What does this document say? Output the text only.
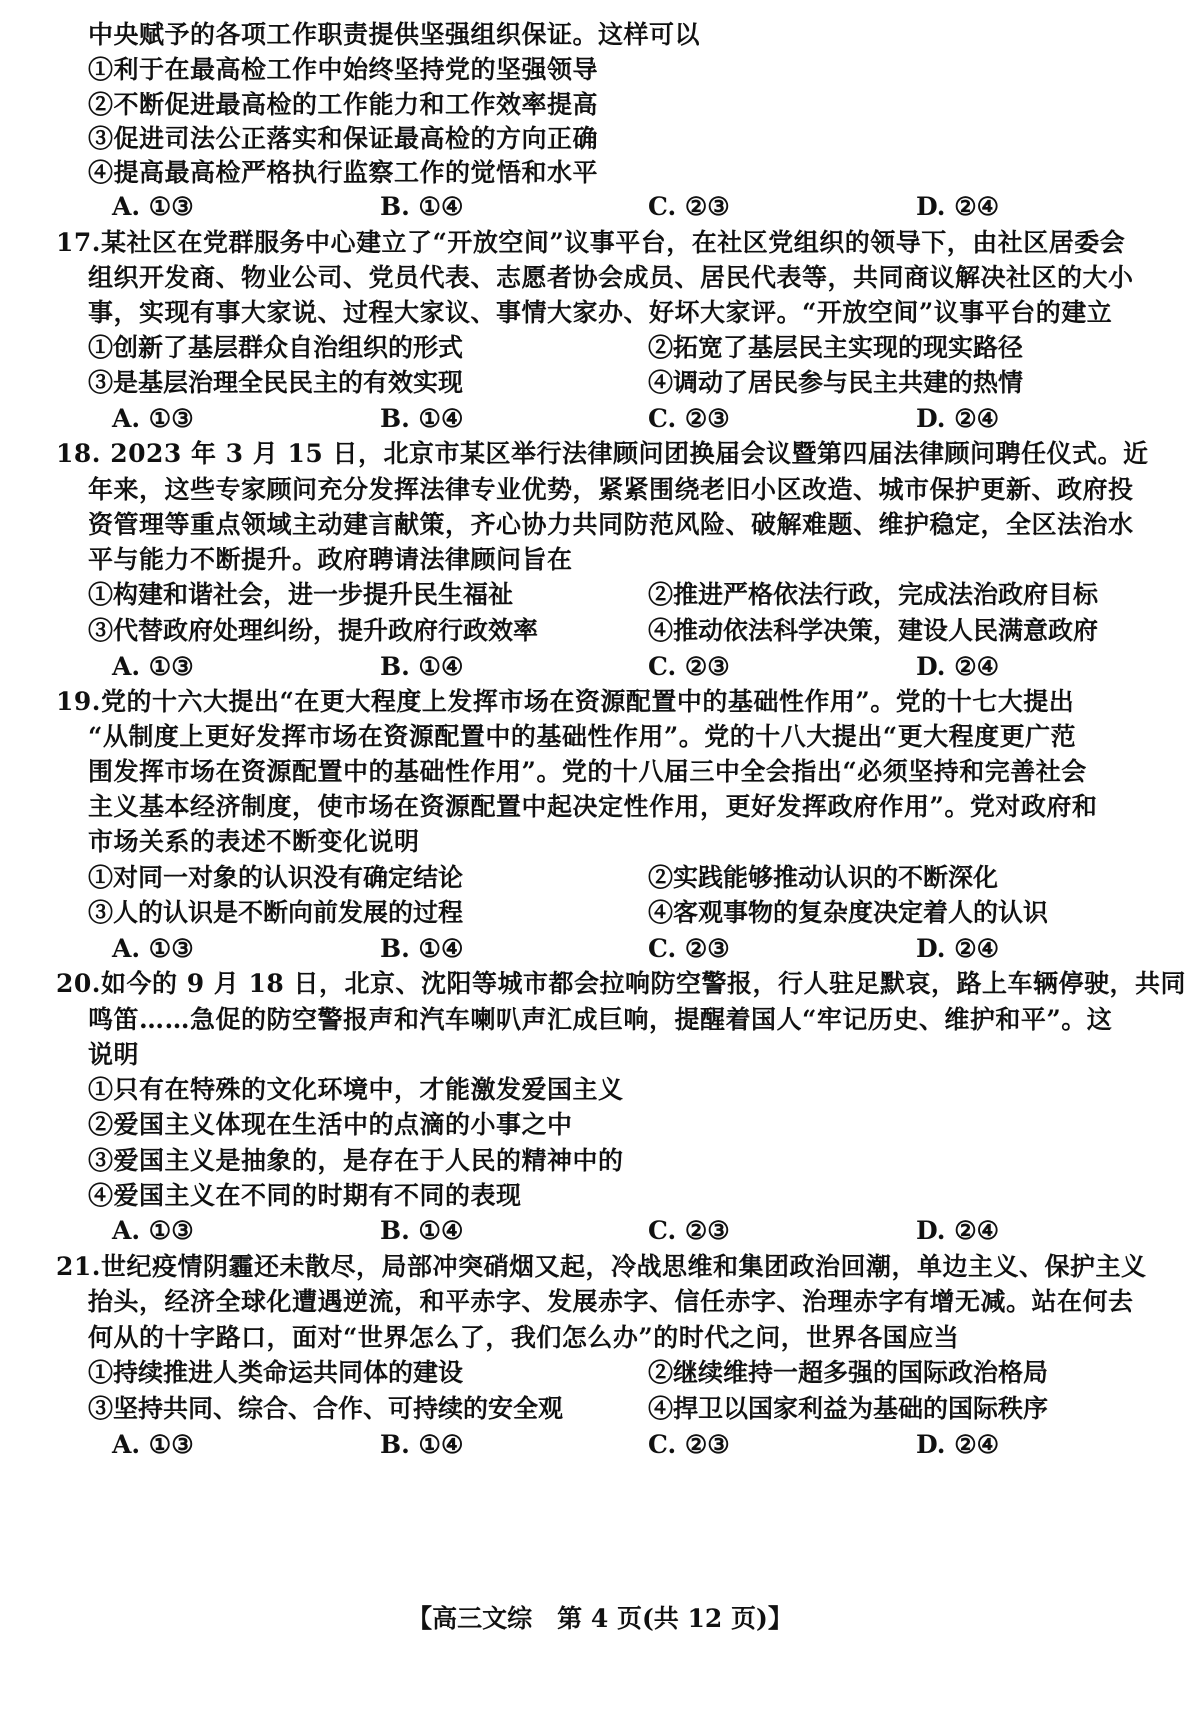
中央赋予的各项工作职责提供坚强组织保证。这样可以
①利于在最高检工作中始终坚持党的坚强领导
②不断促进最高检的工作能力和工作效率提高
③促进司法公正落实和保证最高检的方向正确
④提高最高检严格执行监察工作的觉悟和水平
A. ①③	B. ①④	C. ②③	D. ②④
17.某社区在党群服务中心建立了“开放空间”议事平台，在社区党组织的领导下，由社区居委会
组织开发商、物业公司、党员代表、志愿者协会成员、居民代表等，共同商议解决社区的大小
事，实现有事大家说、过程大家议、事情大家办、好坏大家评。“开放空间”议事平台的建立
①创新了基层群众自治组织的形式	②拓宽了基层民主实现的现实路径
③是基层治理全民民主的有效实现	④调动了居民参与民主共建的热情
A. ①③	B. ①④	C. ②③	D. ②④
18. 2023 年 3 月 15 日，北京市某区举行法律顾问团换届会议暨第四届法律顾问聘任仪式。近
年来，这些专家顾问充分发挥法律专业优势，紧紧围绕老旧小区改造、城市保护更新、政府投
资管理等重点领域主动建言献策，齐心协力共同防范风险、破解难题、维护稳定，全区法治水
平与能力不断提升。政府聘请法律顾问旨在
①构建和谐社会，进一步提升民生福祉	②推进严格依法行政，完成法治政府目标
③代替政府处理纠纷，提升政府行政效率	④推动依法科学决策，建设人民满意政府
A. ①③	B. ①④	C. ②③	D. ②④
19.党的十六大提出“在更大程度上发挥市场在资源配置中的基础性作用”。党的十七大提出
“从制度上更好发挥市场在资源配置中的基础性作用”。党的十八大提出“更大程度更广范
围发挥市场在资源配置中的基础性作用”。党的十八届三中全会指出“必须坚持和完善社会
主义基本经济制度，使市场在资源配置中起决定性作用，更好发挥政府作用”。党对政府和
市场关系的表述不断变化说明
①对同一对象的认识没有确定结论	②实践能够推动认识的不断深化
③人的认识是不断向前发展的过程	④客观事物的复杂度决定着人的认识
A. ①③	B. ①④	C. ②③	D. ②④
20.如今的 9 月 18 日，北京、沈阳等城市都会拉响防空警报，行人驻足默哀，路上车辆停驶，共同
鸣笛……急促的防空警报声和汽车喇叭声汇成巨响，提醒着国人“牢记历史、维护和平”。这
说明
①只有在特殊的文化环境中，才能激发爱国主义
②爱国主义体现在生活中的点滴的小事之中
③爱国主义是抽象的，是存在于人民的精神中的
④爱国主义在不同的时期有不同的表现
A. ①③	B. ①④	C. ②③	D. ②④
21.世纪疫情阴霾还未散尽，局部冲突硝烟又起，冷战思维和集团政治回潮，单边主义、保护主义
抬头，经济全球化遭遇逆流，和平赤字、发展赤字、信任赤字、治理赤字有增无减。站在何去
何从的十字路口，面对“世界怎么了，我们怎么办”的时代之问，世界各国应当
①持续推进人类命运共同体的建设	②继续维持一超多强的国际政治格局
③坚持共同、综合、合作、可持续的安全观	④捍卫以国家利益为基础的国际秩序
A. ①③	B. ①④	C. ②③	D. ②④
【高三文综　第 4 页(共 12 页)】
